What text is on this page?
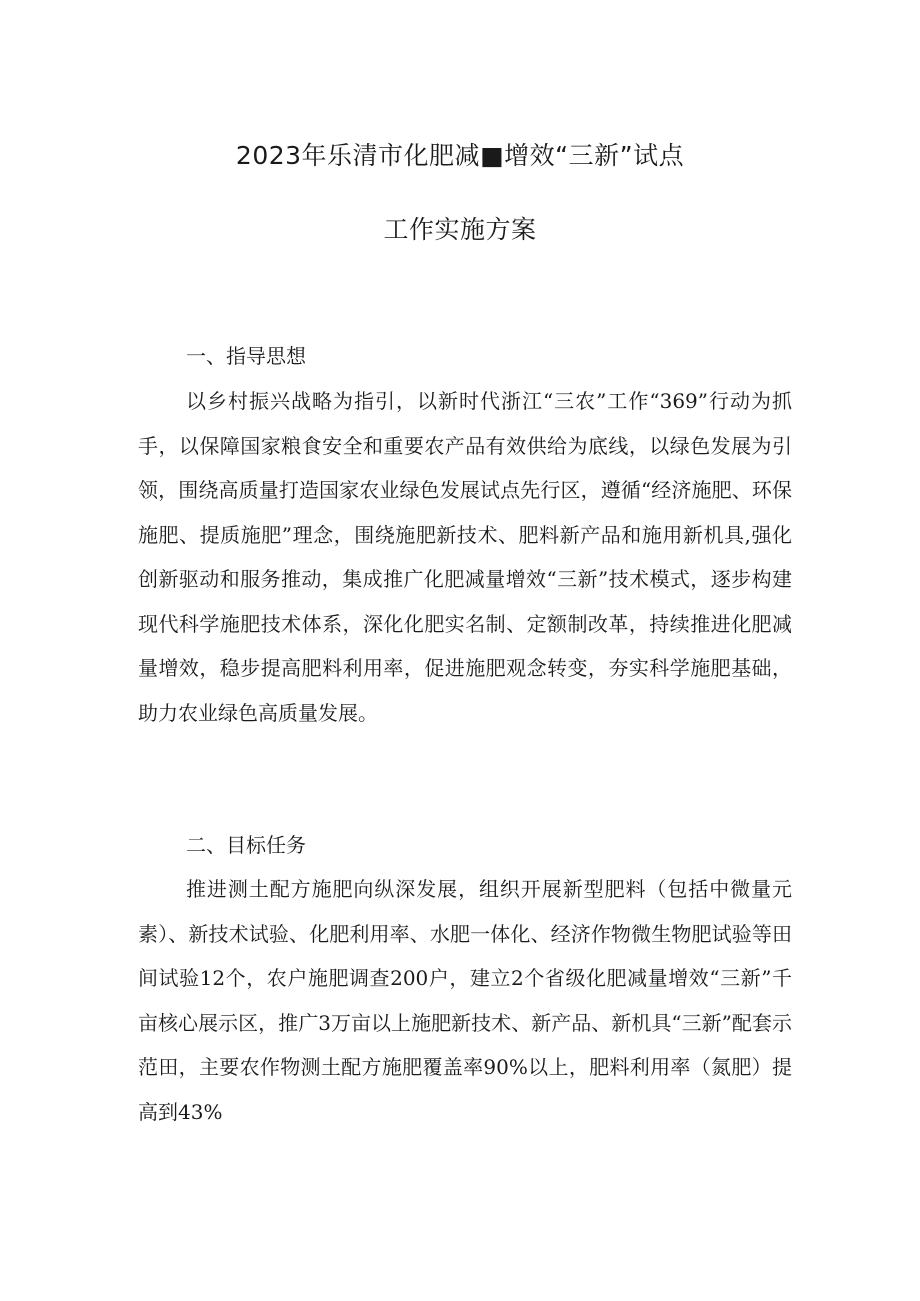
2023年乐清市化肥减■增效“三新”试点
工作实施方案
一、指导思想

以乡村振兴战略为指引，以新时代浙江“三农”工作“369”行动为抓手，以保障国家粮食安全和重要农产品有效供给为底线，以绿色发展为引领，围绕高质量打造国家农业绿色发展试点先行区，遵循“经济施肥、环保施肥、提质施肥”理念，围绕施肥新技术、肥料新产品和施用新机具,强化创新驱动和服务推动，集成推广化肥减量增效“三新”技术模式，逐步构建现代科学施肥技术体系，深化化肥实名制、定额制改革，持续推进化肥减量增效，稳步提高肥料利用率，促进施肥观念转变，夯实科学施肥基础，助力农业绿色高质量发展。

二、目标任务

推进测土配方施肥向纵深发展，组织开展新型肥料（包括中微量元素）、新技术试验、化肥利用率、水肥一体化、经济作物微生物肥试验等田间试验12个，农户施肥调查200户，建立2个省级化肥减量增效“三新”千亩核心展示区，推广3万亩以上施肥新技术、新产品、新机具“三新”配套示范田，主要农作物测土配方施肥覆盖率90%以上，肥料利用率（氮肥）提高到43%
